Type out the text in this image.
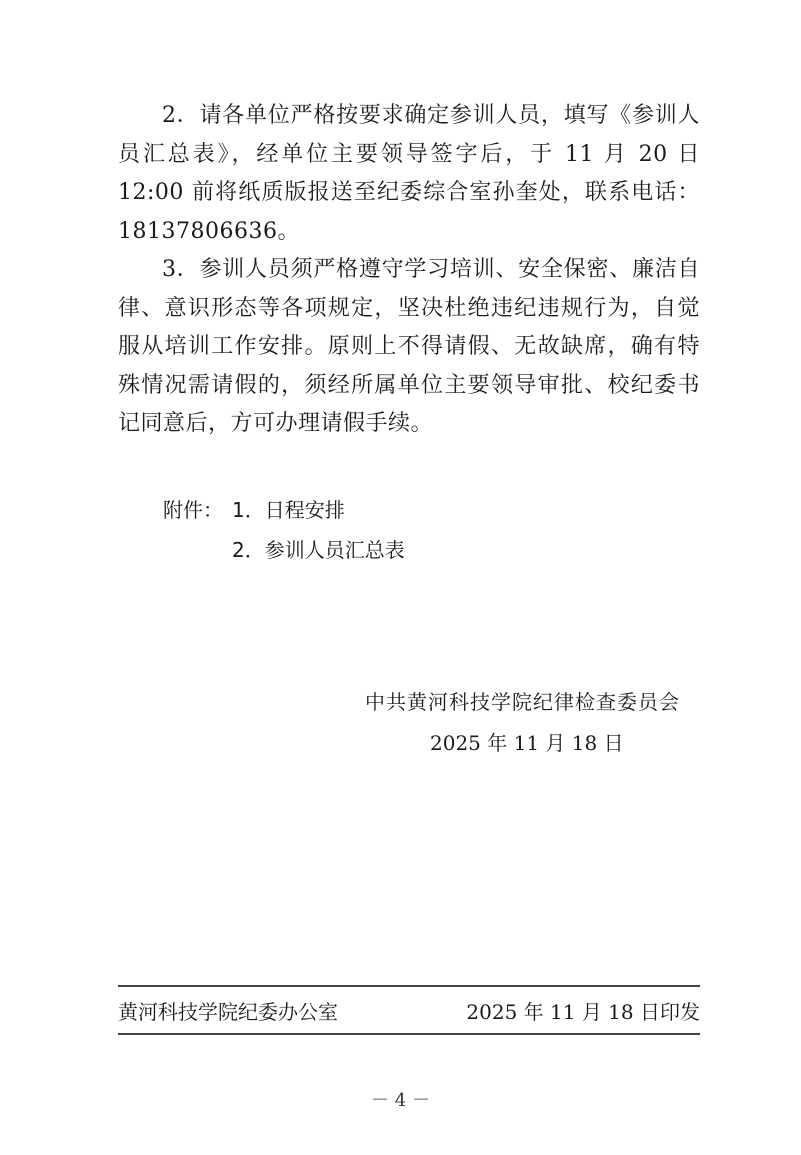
2．请各单位严格按要求确定参训人员，填写《参训人员汇总表》，经单位主要领导签字后，于 11 月 20 日 12:00 前将纸质版报送至纪委综合室孙奎处，联系电话：18137806636。

3．参训人员须严格遵守学习培训、安全保密、廉洁自律、意识形态等各项规定，坚决杜绝违纪违规行为，自觉服从培训工作安排。原则上不得请假、无故缺席，确有特殊情况需请假的，须经所属单位主要领导审批、校纪委书记同意后，方可办理请假手续。

附件： 1．日程安排
2．参训人员汇总表
中共黄河科技学院纪律检查委员会
2025 年 11 月 18 日
黄河科技学院纪委办公室	2025 年 11 月 18 日印发
－ 4 －
